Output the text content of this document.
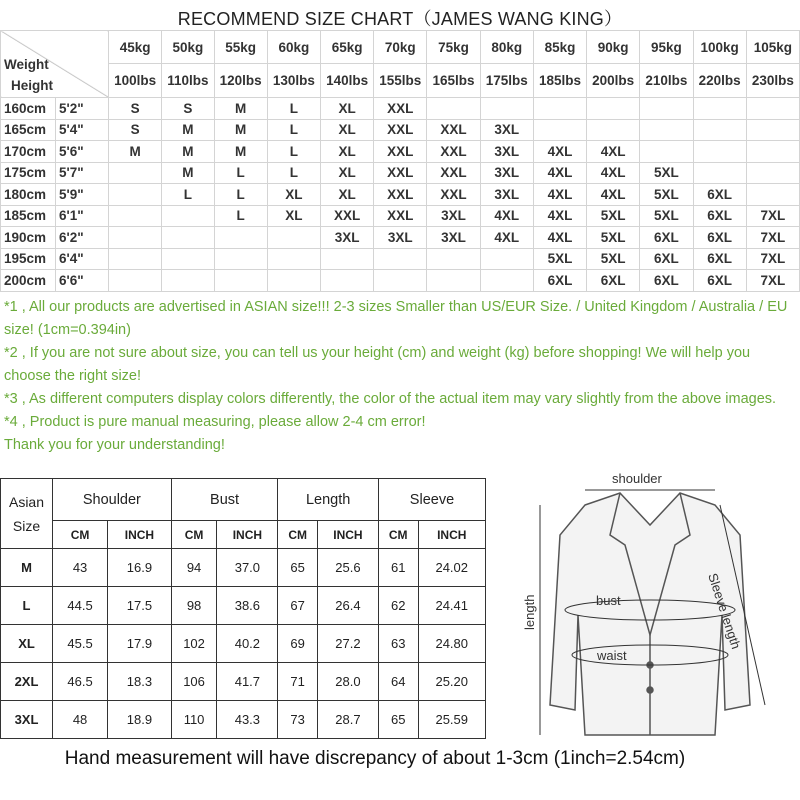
RECOMMEND SIZE CHART（JAMES WANG KING）
Weight
Height		45kg	50kg	55kg	60kg	65kg	70kg	75kg	80kg	85kg	90kg	95kg	100kg	105kg
		100lbs	110lbs	120lbs	130lbs	140lbs	155lbs	165lbs	175lbs	185lbs	200lbs	210lbs	220lbs	230lbs
160cm	5'2"	S	S	M	L	XL	XXL							
165cm	5'4"	S	M	M	L	XL	XXL	XXL	3XL					
170cm	5'6"	M	M	M	L	XL	XXL	XXL	3XL	4XL	4XL			
175cm	5'7"		M	L	L	XL	XXL	XXL	3XL	4XL	4XL	5XL		
180cm	5'9"		L	L	XL	XL	XXL	XXL	3XL	4XL	4XL	5XL	6XL	
185cm	6'1"			L	XL	XXL	XXL	3XL	4XL	4XL	5XL	5XL	6XL	7XL
190cm	6'2"					3XL	3XL	3XL	4XL	4XL	5XL	6XL	6XL	7XL
195cm	6'4"									5XL	5XL	6XL	6XL	7XL
200cm	6'6"									6XL	6XL	6XL	6XL	7XL
*1 , All our products are advertised in ASIAN size!!! 2-3 sizes Smaller than US/EUR Size. / United Kingdom / Australia / EU size! (1cm=0.394in)
*2 , If you are not sure about size, you can tell us your height (cm) and weight (kg) before shopping! We will help you choose the right size!
*3 , As different computers display colors differently, the color of the actual item may vary slightly from the above images.
*4 , Product is pure manual measuring, please allow 2-4 cm error!
Thank you for your understanding!
Asian Size	Shoulder		Bust		Length		Sleeve	
	CM	INCH	CM	INCH	CM	INCH	CM	INCH
M	43	16.9	94	37.0	65	25.6	61	24.02
L	44.5	17.5	98	38.6	67	26.4	62	24.41
XL	45.5	17.9	102	40.2	69	27.2	63	24.80
2XL	46.5	18.3	106	41.7	71	28.0	64	25.20
3XL	48	18.9	110	43.3	73	28.7	65	25.59
shoulder
bust
waist
length	Sleeve length
Hand measurement will have discrepancy of about 1-3cm (1inch=2.54cm)
